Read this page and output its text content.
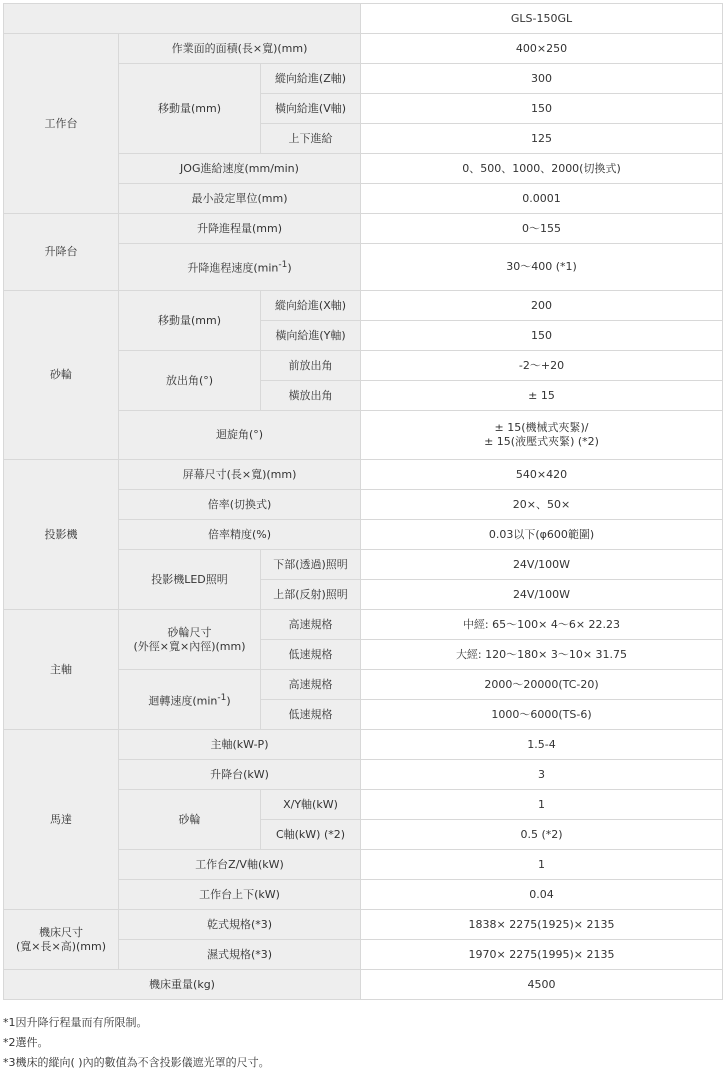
			GLS-150GL
工作台	作業面的面積(長×寬)(mm)		400×250
	移動量(mm)	縱向給進(Z軸)	300
		橫向給進(V軸)	150
		上下進給	125
	JOG進給速度(mm/min)		0、500、1000、2000(切換式)
	最小設定單位(mm)		0.0001
升降台	升降進程量(mm)		0～155
	升降進程速度$(\min^{-1})$		30～400 (*1)
砂輪	移動量(mm)	縱向給進(X軸)	200
		橫向給進(Y軸)	150
	放出角(°)	前放出角	-2～+20
		橫放出角	± 15
	迴旋角(°)		± 15(機械式夾緊)/
± 15(液壓式夾緊) (*2)

投影機	屏幕尺寸(長×寬)(mm)		540×420
	倍率(切換式)		20×、50×
	倍率精度(%)		0.03以下(φ600範圍)
	投影機LED照明	下部(透過)照明	24V/100W
		上部(反射)照明	24V/100W
主軸	砂輪尺寸
(外徑×寬×內徑)(mm)	高速規格	中經: 65～100× 4～6× 22.23
		低速規格	大經: 120～180× 3～10× 31.75
	迴轉速度$(\min^{-1})$	高速規格	2000～20000(TC-20)
		低速規格	1000～6000(TS-6)
馬達	主軸(kW-P)		1.5-4
	升降台(kW)		3
	砂輪	X/Y軸(kW)	1
		C軸(kW) (*2)	0.5 (*2)
	工作台Z/V軸(kW)		1
	工作台上下(kW)		0.04

機床尺寸
(寬×長×高)(mm)	乾式規格(*3)		1838× 2275(1925)× 2135
	濕式規格(*3)		1970× 2275(1995)× 2135
機床重量(kg)			4500
*1因升降行程量而有所限制。
*2選件。
*3機床的縱向( )內的數值為不含投影儀遮光罩的尺寸。
